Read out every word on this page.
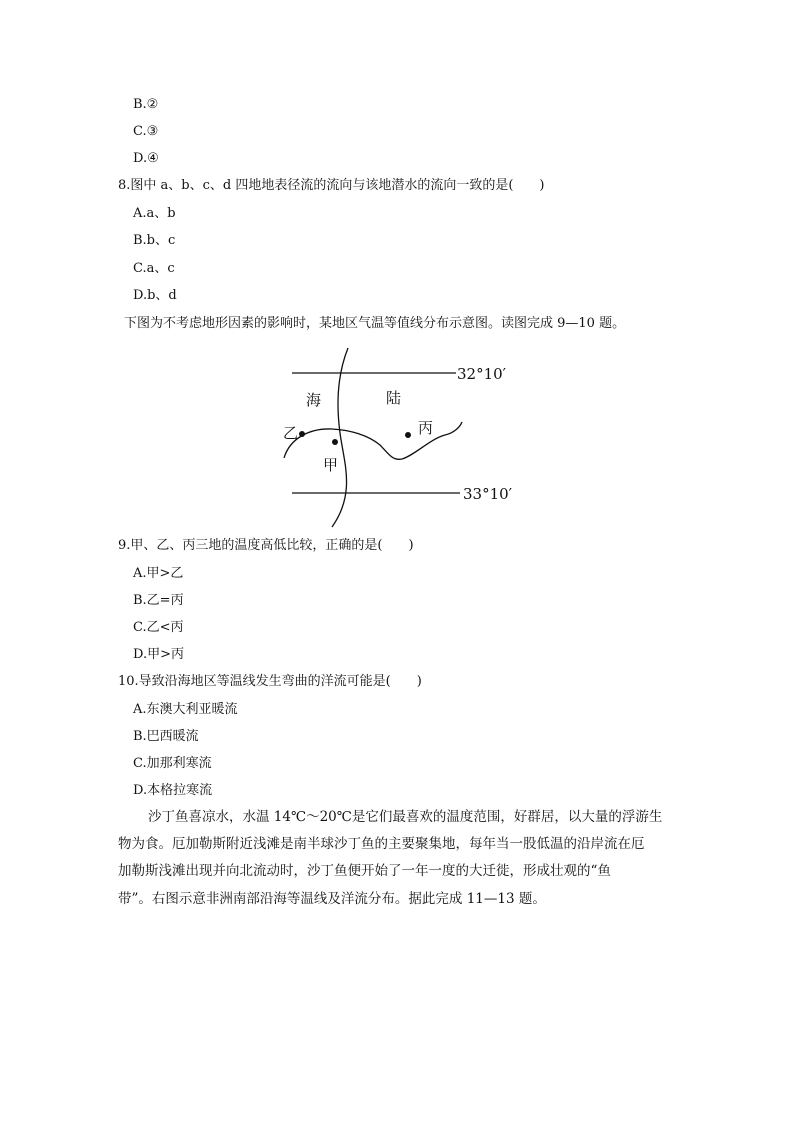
B.②
C.③
D.④
8.图中 a、b、c、d 四地地表径流的流向与该地潜水的流向一致的是(　　)
A.a、b
B.b、c
C.a、c
D.b、d
下图为不考虑地形因素的影响时，某地区气温等值线分布示意图。读图完成 9—10 题。
32°10′
33°10′
海	陆
乙
甲
丙
9.甲、乙、丙三地的温度高低比较，正确的是(　　)
A.甲>乙
B.乙=丙
C.乙<丙
D.甲>丙
10.导致沿海地区等温线发生弯曲的洋流可能是(　　)
A.东澳大利亚暖流
B.巴西暖流
C.加那利寒流
D.本格拉寒流
沙丁鱼喜凉水，水温 14℃～20℃是它们最喜欢的温度范围，好群居，以大量的浮游生
物为食。厄加勒斯附近浅滩是南半球沙丁鱼的主要聚集地，每年当一股低温的沿岸流在厄
加勒斯浅滩出现并向北流动时，沙丁鱼便开始了一年一度的大迁徙，形成壮观的“鱼
带”。右图示意非洲南部沿海等温线及洋流分布。据此完成 11—13 题。
